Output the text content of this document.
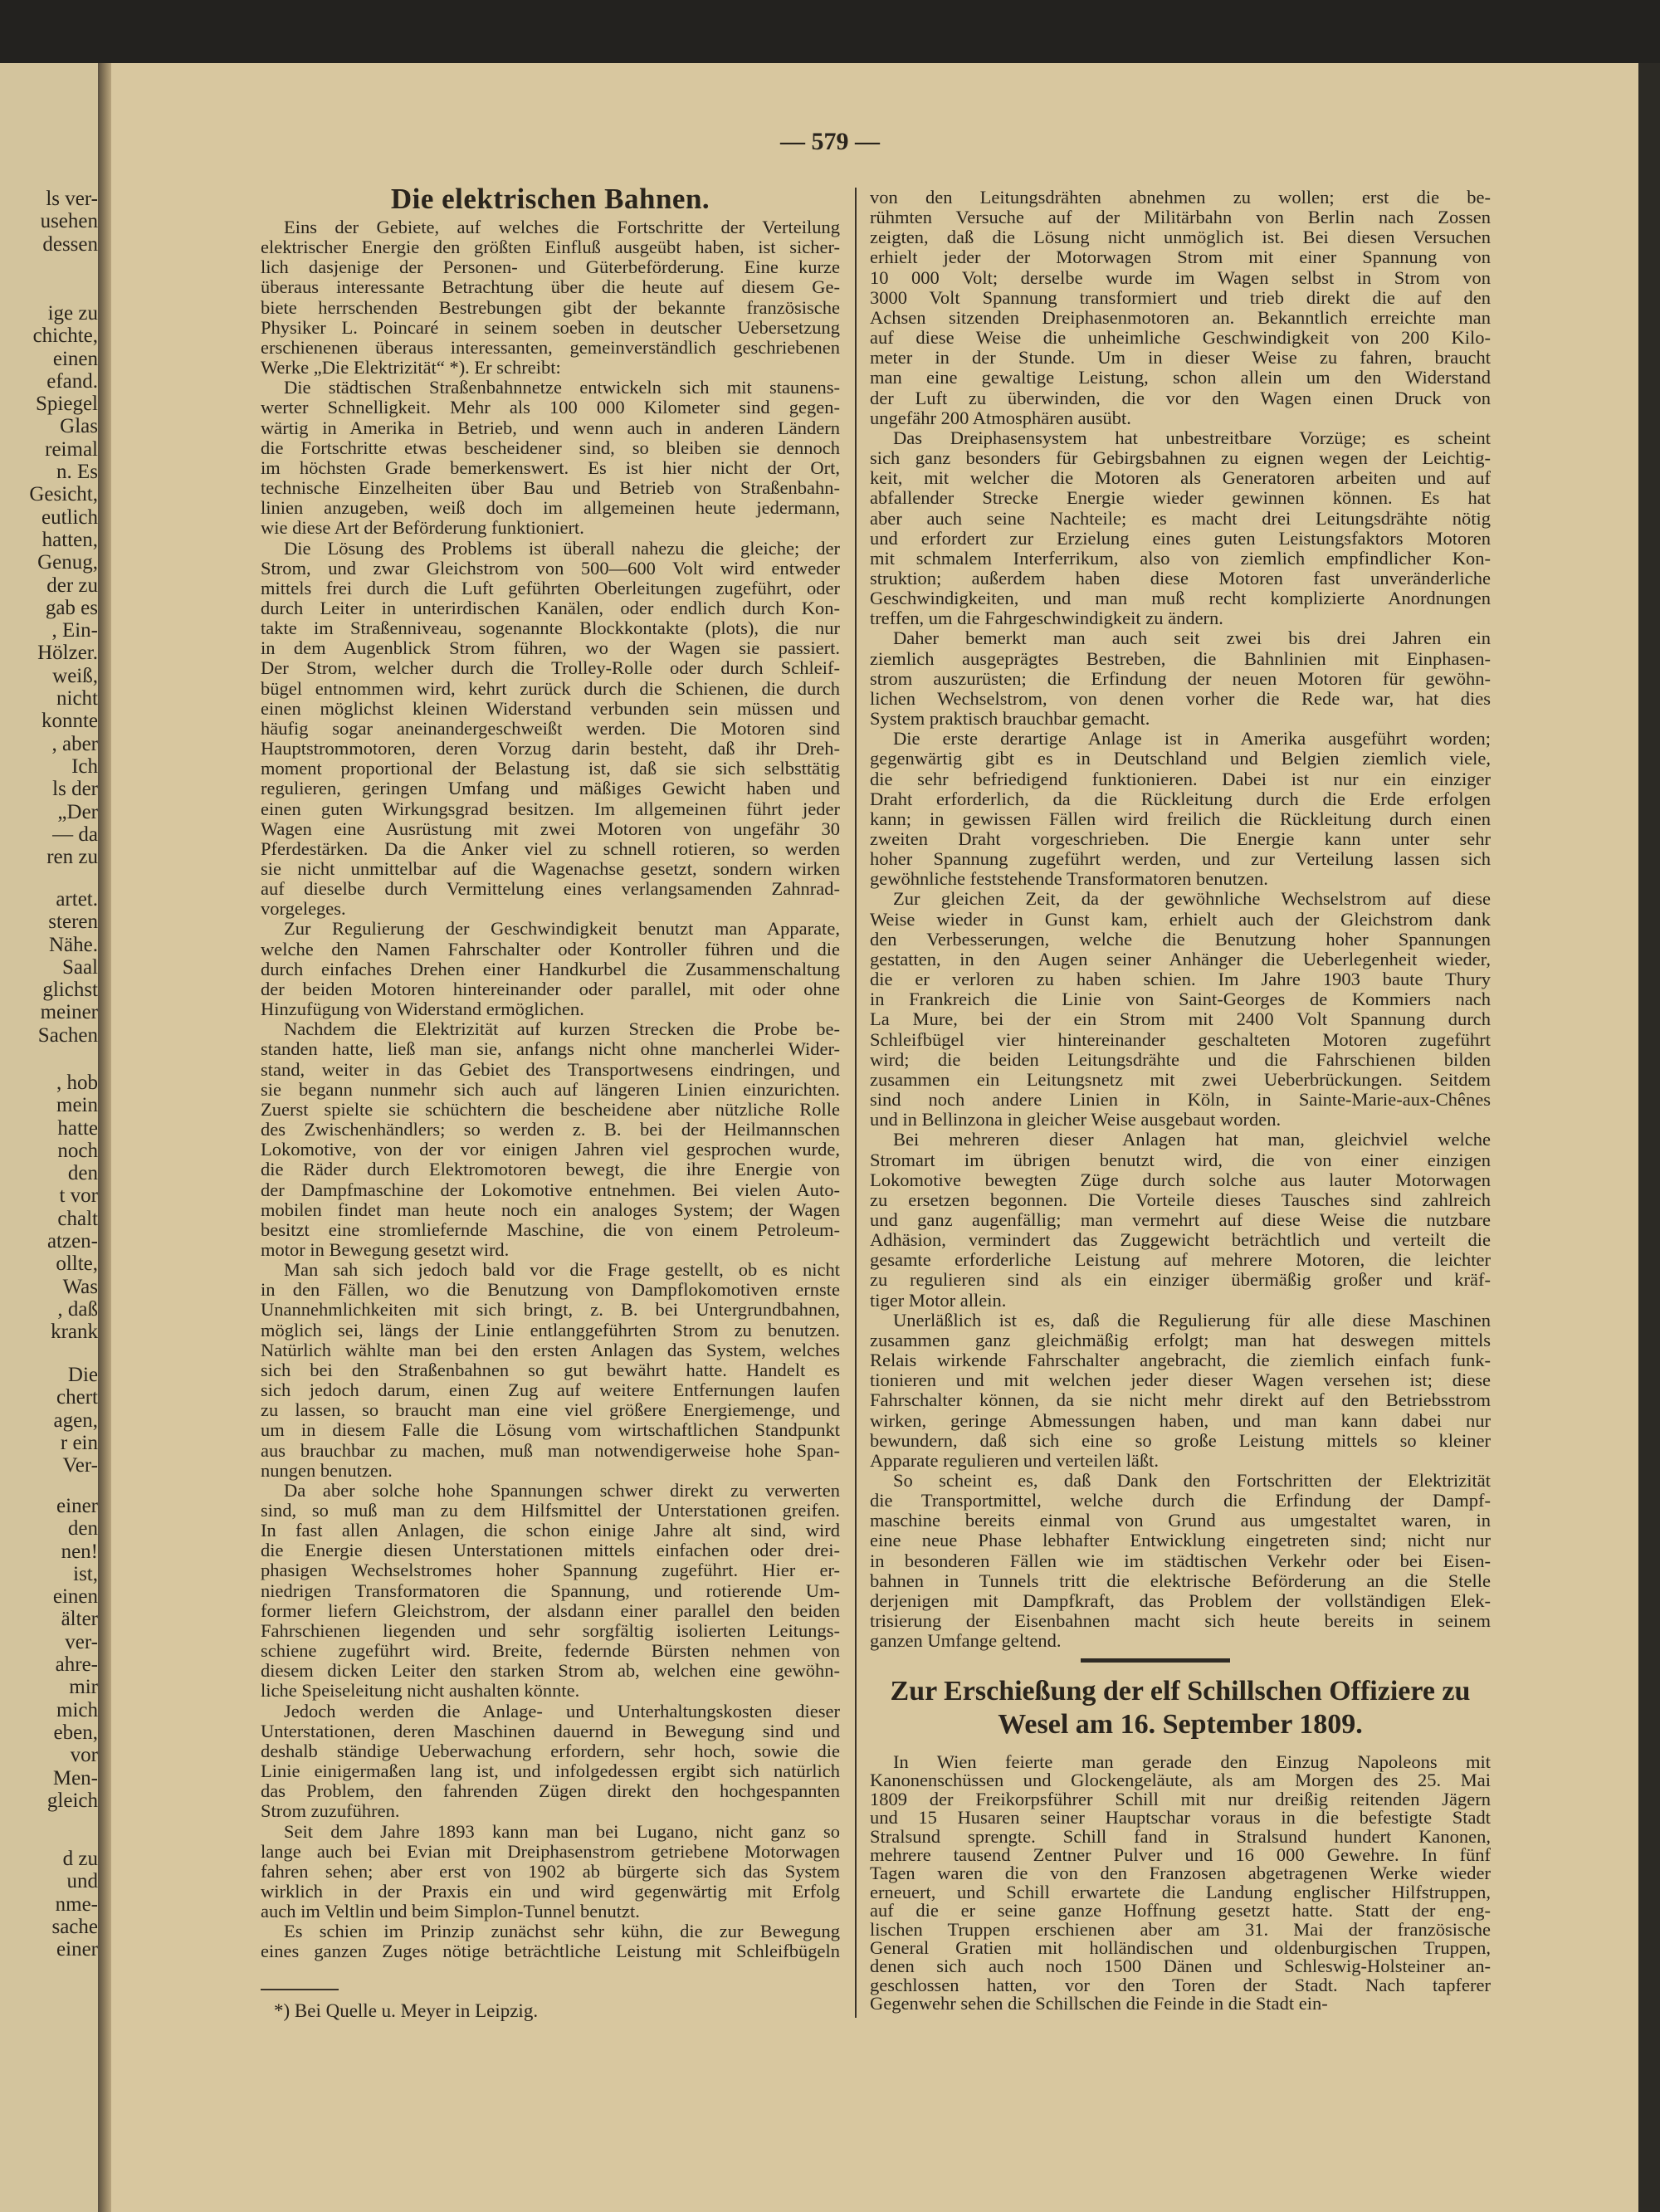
ls ver-
usehen
dessen
ige zu
chichte,
einen
efand.
Spiegel
Glas
reimal
n. Es
Gesicht,
eutlich
hatten,
Genug,
der zu
gab es
, Ein-
Hölzer.
weiß,
nicht
konnte
, aber
Ich
ls der
„Der
— da
ren zu
artet.
steren
Nähe.
Saal
glichst
meiner
Sachen
, hob
mein
hatte
noch
den
t vor
chalt
atzen-
ollte,
Was
, daß
krank
Die
chert
agen,
r ein
Ver-
einer
den
nen!
ist,
einen
älter
ver-
ahre-
mir
mich
eben,
vor
Men-
gleich
d zu
und
nme-
sache
einer
— 579 —
Die elektrischen Bahnen.
Eins der Gebiete, auf welches die Fortschritte der Verteilung
elektrischer Energie den größten Einfluß ausgeübt haben, ist sicher-
lich dasjenige der Personen- und Güterbeförderung. Eine kurze
überaus interessante Betrachtung über die heute auf diesem Ge-
biete herrschenden Bestrebungen gibt der bekannte französische
Physiker L. Poincaré in seinem soeben in deutscher Uebersetzung
erschienenen überaus interessanten, gemeinverständlich geschriebenen
Werke „Die Elektrizität“ *). Er schreibt:
Die städtischen Straßenbahnnetze entwickeln sich mit staunens-
werter Schnelligkeit. Mehr als 100 000 Kilometer sind gegen-
wärtig in Amerika in Betrieb, und wenn auch in anderen Ländern
die Fortschritte etwas bescheidener sind, so bleiben sie dennoch
im höchsten Grade bemerkenswert. Es ist hier nicht der Ort,
technische Einzelheiten über Bau und Betrieb von Straßenbahn-
linien anzugeben, weiß doch im allgemeinen heute jedermann,
wie diese Art der Beförderung funktioniert.
Die Lösung des Problems ist überall nahezu die gleiche; der
Strom, und zwar Gleichstrom von 500—600 Volt wird entweder
mittels frei durch die Luft geführten Oberleitungen zugeführt, oder
durch Leiter in unterirdischen Kanälen, oder endlich durch Kon-
takte im Straßenniveau, sogenannte Blockkontakte (plots), die nur
in dem Augenblick Strom führen, wo der Wagen sie passiert.
Der Strom, welcher durch die Trolley-Rolle oder durch Schleif-
bügel entnommen wird, kehrt zurück durch die Schienen, die durch
einen möglichst kleinen Widerstand verbunden sein müssen und
häufig sogar aneinandergeschweißt werden. Die Motoren sind
Hauptstrommotoren, deren Vorzug darin besteht, daß ihr Dreh-
moment proportional der Belastung ist, daß sie sich selbsttätig
regulieren, geringen Umfang und mäßiges Gewicht haben und
einen guten Wirkungsgrad besitzen. Im allgemeinen führt jeder
Wagen eine Ausrüstung mit zwei Motoren von ungefähr 30
Pferdestärken. Da die Anker viel zu schnell rotieren, so werden
sie nicht unmittelbar auf die Wagenachse gesetzt, sondern wirken
auf dieselbe durch Vermittelung eines verlangsamenden Zahnrad-
vorgeleges.
Zur Regulierung der Geschwindigkeit benutzt man Apparate,
welche den Namen Fahrschalter oder Kontroller führen und die
durch einfaches Drehen einer Handkurbel die Zusammenschaltung
der beiden Motoren hintereinander oder parallel, mit oder ohne
Hinzufügung von Widerstand ermöglichen.
Nachdem die Elektrizität auf kurzen Strecken die Probe be-
standen hatte, ließ man sie, anfangs nicht ohne mancherlei Wider-
stand, weiter in das Gebiet des Transportwesens eindringen, und
sie begann nunmehr sich auch auf längeren Linien einzurichten.
Zuerst spielte sie schüchtern die bescheidene aber nützliche Rolle
des Zwischenhändlers; so werden z. B. bei der Heilmannschen
Lokomotive, von der vor einigen Jahren viel gesprochen wurde,
die Räder durch Elektromotoren bewegt, die ihre Energie von
der Dampfmaschine der Lokomotive entnehmen. Bei vielen Auto-
mobilen findet man heute noch ein analoges System; der Wagen
besitzt eine stromliefernde Maschine, die von einem Petroleum-
motor in Bewegung gesetzt wird.
Man sah sich jedoch bald vor die Frage gestellt, ob es nicht
in den Fällen, wo die Benutzung von Dampflokomotiven ernste
Unannehmlichkeiten mit sich bringt, z. B. bei Untergrundbahnen,
möglich sei, längs der Linie entlanggeführten Strom zu benutzen.
Natürlich wählte man bei den ersten Anlagen das System, welches
sich bei den Straßenbahnen so gut bewährt hatte. Handelt es
sich jedoch darum, einen Zug auf weitere Entfernungen laufen
zu lassen, so braucht man eine viel größere Energiemenge, und
um in diesem Falle die Lösung vom wirtschaftlichen Standpunkt
aus brauchbar zu machen, muß man notwendigerweise hohe Span-
nungen benutzen.
Da aber solche hohe Spannungen schwer direkt zu verwerten
sind, so muß man zu dem Hilfsmittel der Unterstationen greifen.
In fast allen Anlagen, die schon einige Jahre alt sind, wird
die Energie diesen Unterstationen mittels einfachen oder drei-
phasigen Wechselstromes hoher Spannung zugeführt. Hier er-
niedrigen Transformatoren die Spannung, und rotierende Um-
former liefern Gleichstrom, der alsdann einer parallel den beiden
Fahrschienen liegenden und sehr sorgfältig isolierten Leitungs-
schiene zugeführt wird. Breite, federnde Bürsten nehmen von
diesem dicken Leiter den starken Strom ab, welchen eine gewöhn-
liche Speiseleitung nicht aushalten könnte.
Jedoch werden die Anlage- und Unterhaltungskosten dieser
Unterstationen, deren Maschinen dauernd in Bewegung sind und
deshalb ständige Ueberwachung erfordern, sehr hoch, sowie die
Linie einigermaßen lang ist, und infolgedessen ergibt sich natürlich
das Problem, den fahrenden Zügen direkt den hochgespannten
Strom zuzuführen.
Seit dem Jahre 1893 kann man bei Lugano, nicht ganz so
lange auch bei Evian mit Dreiphasenstrom getriebene Motorwagen
fahren sehen; aber erst von 1902 ab bürgerte sich das System
wirklich in der Praxis ein und wird gegenwärtig mit Erfolg
auch im Veltlin und beim Simplon-Tunnel benutzt.
Es schien im Prinzip zunächst sehr kühn, die zur Bewegung
eines ganzen Zuges nötige beträchtliche Leistung mit Schleifbügeln
von den Leitungsdrähten abnehmen zu wollen; erst die be-
rühmten Versuche auf der Militärbahn von Berlin nach Zossen
zeigten, daß die Lösung nicht unmöglich ist. Bei diesen Versuchen
erhielt jeder der Motorwagen Strom mit einer Spannung von
10 000 Volt; derselbe wurde im Wagen selbst in Strom von
3000 Volt Spannung transformiert und trieb direkt die auf den
Achsen sitzenden Dreiphasenmotoren an. Bekanntlich erreichte man
auf diese Weise die unheimliche Geschwindigkeit von 200 Kilo-
meter in der Stunde. Um in dieser Weise zu fahren, braucht
man eine gewaltige Leistung, schon allein um den Widerstand
der Luft zu überwinden, die vor den Wagen einen Druck von
ungefähr 200 Atmosphären ausübt.
Das Dreiphasensystem hat unbestreitbare Vorzüge; es scheint
sich ganz besonders für Gebirgsbahnen zu eignen wegen der Leichtig-
keit, mit welcher die Motoren als Generatoren arbeiten und auf
abfallender Strecke Energie wieder gewinnen können. Es hat
aber auch seine Nachteile; es macht drei Leitungsdrähte nötig
und erfordert zur Erzielung eines guten Leistungsfaktors Motoren
mit schmalem Interferrikum, also von ziemlich empfindlicher Kon-
struktion; außerdem haben diese Motoren fast unveränderliche
Geschwindigkeiten, und man muß recht komplizierte Anordnungen
treffen, um die Fahrgeschwindigkeit zu ändern.
Daher bemerkt man auch seit zwei bis drei Jahren ein
ziemlich ausgeprägtes Bestreben, die Bahnlinien mit Einphasen-
strom auszurüsten; die Erfindung der neuen Motoren für gewöhn-
lichen Wechselstrom, von denen vorher die Rede war, hat dies
System praktisch brauchbar gemacht.
Die erste derartige Anlage ist in Amerika ausgeführt worden;
gegenwärtig gibt es in Deutschland und Belgien ziemlich viele,
die sehr befriedigend funktionieren. Dabei ist nur ein einziger
Draht erforderlich, da die Rückleitung durch die Erde erfolgen
kann; in gewissen Fällen wird freilich die Rückleitung durch einen
zweiten Draht vorgeschrieben. Die Energie kann unter sehr
hoher Spannung zugeführt werden, und zur Verteilung lassen sich
gewöhnliche feststehende Transformatoren benutzen.
Zur gleichen Zeit, da der gewöhnliche Wechselstrom auf diese
Weise wieder in Gunst kam, erhielt auch der Gleichstrom dank
den Verbesserungen, welche die Benutzung hoher Spannungen
gestatten, in den Augen seiner Anhänger die Ueberlegenheit wieder,
die er verloren zu haben schien. Im Jahre 1903 baute Thury
in Frankreich die Linie von Saint-Georges de Kommiers nach
La Mure, bei der ein Strom mit 2400 Volt Spannung durch
Schleifbügel vier hintereinander geschalteten Motoren zugeführt
wird; die beiden Leitungsdrähte und die Fahrschienen bilden
zusammen ein Leitungsnetz mit zwei Ueberbrückungen. Seitdem
sind noch andere Linien in Köln, in Sainte-Marie-aux-Chênes
und in Bellinzona in gleicher Weise ausgebaut worden.
Bei mehreren dieser Anlagen hat man, gleichviel welche
Stromart im übrigen benutzt wird, die von einer einzigen
Lokomotive bewegten Züge durch solche aus lauter Motorwagen
zu ersetzen begonnen. Die Vorteile dieses Tausches sind zahlreich
und ganz augenfällig; man vermehrt auf diese Weise die nutzbare
Adhäsion, vermindert das Zuggewicht beträchtlich und verteilt die
gesamte erforderliche Leistung auf mehrere Motoren, die leichter
zu regulieren sind als ein einziger übermäßig großer und kräf-
tiger Motor allein.
Unerläßlich ist es, daß die Regulierung für alle diese Maschinen
zusammen ganz gleichmäßig erfolgt; man hat deswegen mittels
Relais wirkende Fahrschalter angebracht, die ziemlich einfach funk-
tionieren und mit welchen jeder dieser Wagen versehen ist; diese
Fahrschalter können, da sie nicht mehr direkt auf den Betriebsstrom
wirken, geringe Abmessungen haben, und man kann dabei nur
bewundern, daß sich eine so große Leistung mittels so kleiner
Apparate regulieren und verteilen läßt.
So scheint es, daß Dank den Fortschritten der Elektrizität
die Transportmittel, welche durch die Erfindung der Dampf-
maschine bereits einmal von Grund aus umgestaltet waren, in
eine neue Phase lebhafter Entwicklung eingetreten sind; nicht nur
in besonderen Fällen wie im städtischen Verkehr oder bei Eisen-
bahnen in Tunnels tritt die elektrische Beförderung an die Stelle
derjenigen mit Dampfkraft, das Problem der vollständigen Elek-
trisierung der Eisenbahnen macht sich heute bereits in seinem
ganzen Umfange geltend.
Zur Erschießung der elf Schillschen Offiziere zu
Wesel am 16. September 1809.
In Wien feierte man gerade den Einzug Napoleons mit
Kanonenschüssen und Glockengeläute, als am Morgen des 25. Mai
1809 der Freikorpsführer Schill mit nur dreißig reitenden Jägern
und 15 Husaren seiner Hauptschar voraus in die befestigte Stadt
Stralsund sprengte. Schill fand in Stralsund hundert Kanonen,
mehrere tausend Zentner Pulver und 16 000 Gewehre. In fünf
Tagen waren die von den Franzosen abgetragenen Werke wieder
erneuert, und Schill erwartete die Landung englischer Hilfstruppen,
auf die er seine ganze Hoffnung gesetzt hatte. Statt der eng-
lischen Truppen erschienen aber am 31. Mai der französische
General Gratien mit holländischen und oldenburgischen Truppen,
denen sich auch noch 1500 Dänen und Schleswig-Holsteiner an-
geschlossen hatten, vor den Toren der Stadt. Nach tapferer
Gegenwehr sehen die Schillschen die Feinde in die Stadt ein-
*) Bei Quelle u. Meyer in Leipzig.
